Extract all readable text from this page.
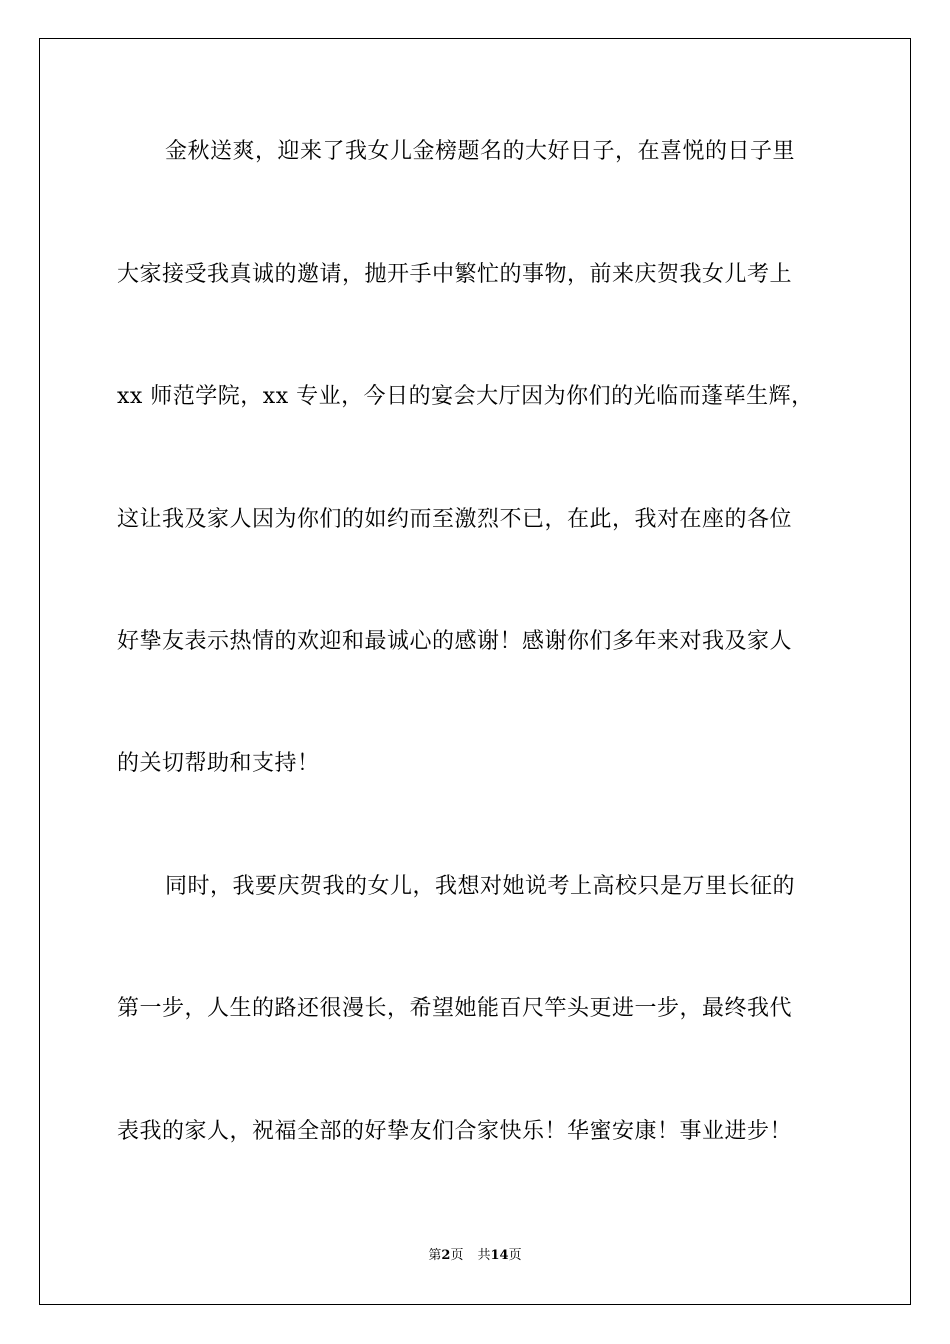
金秋送爽，迎来了我女儿金榜题名的大好日子，在喜悦的日子里
大家接受我真诚的邀请，抛开手中繁忙的事物，前来庆贺我女儿考上
xx 师范学院，xx 专业，今日的宴会大厅因为你们的光临而蓬荜生辉，
这让我及家人因为你们的如约而至激烈不已，在此，我对在座的各位
好挚友表示热情的欢迎和最诚心的感谢！感谢你们多年来对我及家人
的关切帮助和支持！
同时，我要庆贺我的女儿，我想对她说考上高校只是万里长征的
第一步，人生的路还很漫长，希望她能百尺竿头更进一步，最终我代
表我的家人，祝福全部的好挚友们合家快乐！华蜜安康！事业进步！
第2页 共14页
